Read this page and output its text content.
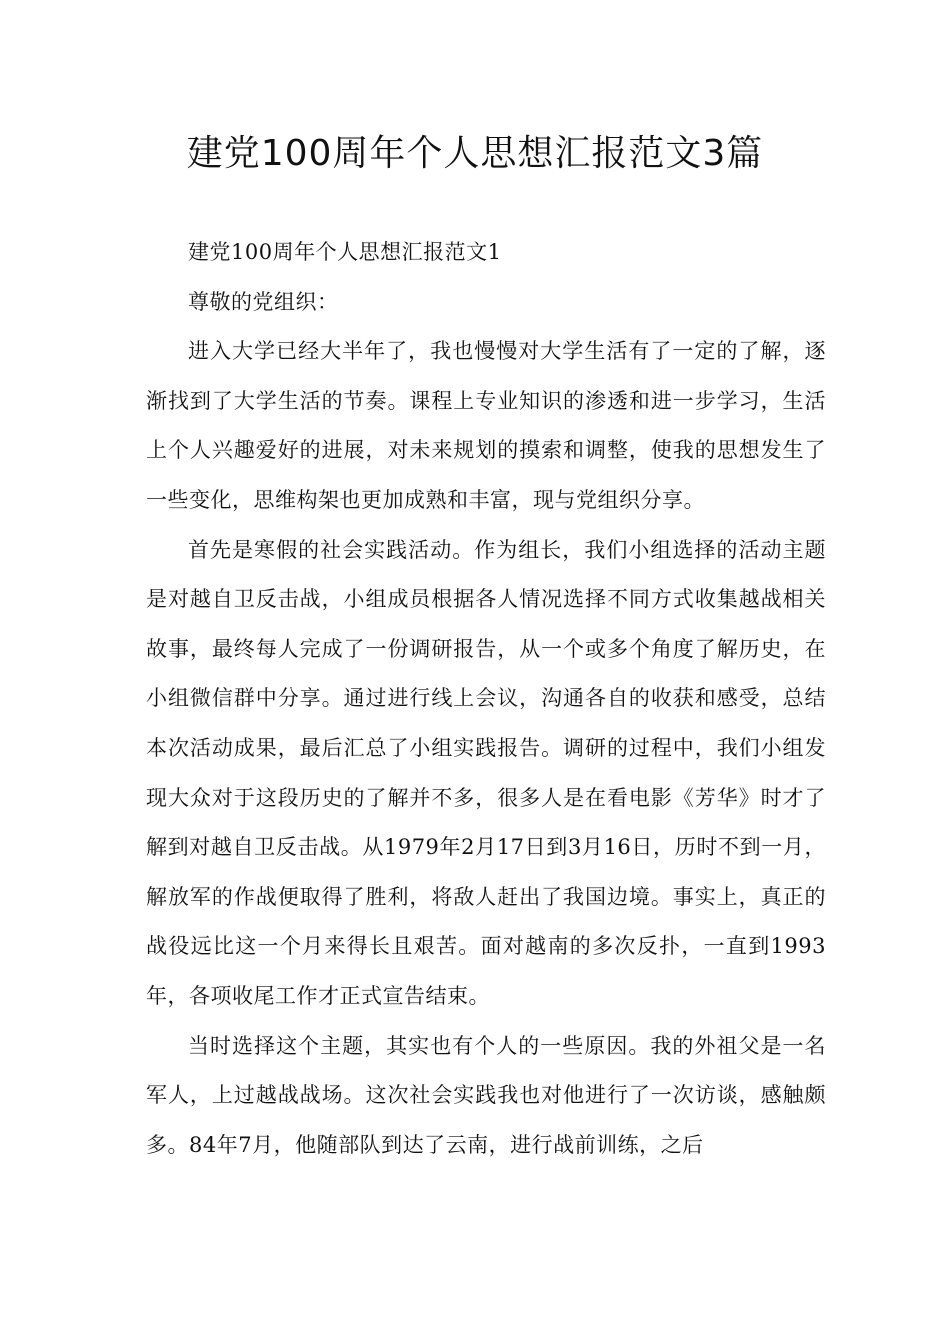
建党100周年个人思想汇报范文3篇

建党100周年个人思想汇报范文1

尊敬的党组织：

进入大学已经大半年了，我也慢慢对大学生活有了一定的了解，逐渐找到了大学生活的节奏。课程上专业知识的渗透和进一步学习，生活上个人兴趣爱好的进展，对未来规划的摸索和调整，使我的思想发生了一些变化，思维构架也更加成熟和丰富，现与党组织分享。

首先是寒假的社会实践活动。作为组长，我们小组选择的活动主题是对越自卫反击战，小组成员根据各人情况选择不同方式收集越战相关故事，最终每人完成了一份调研报告，从一个或多个角度了解历史，在小组微信群中分享。通过进行线上会议，沟通各自的收获和感受，总结本次活动成果，最后汇总了小组实践报告。调研的过程中，我们小组发现大众对于这段历史的了解并不多，很多人是在看电影《芳华》时才了解到对越自卫反击战。从1979年2月17日到3月16日，历时不到一月，解放军的作战便取得了胜利，将敌人赶出了我国边境。事实上，真正的战役远比这一个月来得长且艰苦。面对越南的多次反扑，一直到1993年，各项收尾工作才正式宣告结束。

当时选择这个主题，其实也有个人的一些原因。我的外祖父是一名军人，上过越战战场。这次社会实践我也对他进行了一次访谈，感触颇多。84年7月，他随部队到达了云南，进行战前训练，之后
